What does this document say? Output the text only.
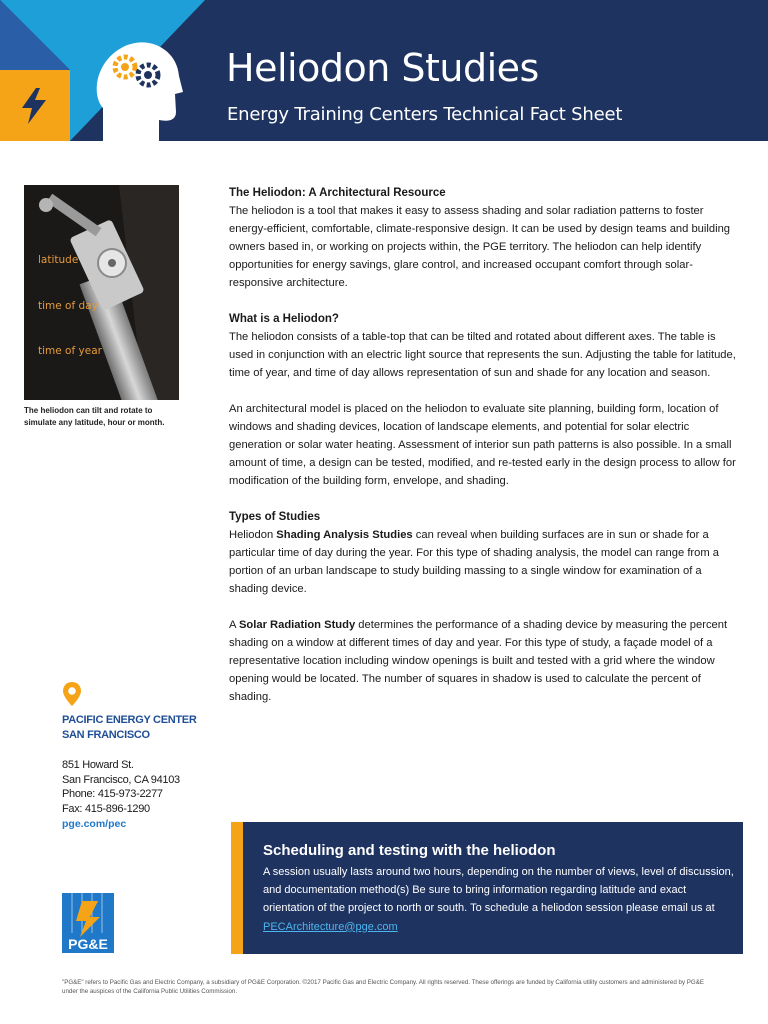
Heliodon Studies
Energy Training Centers Technical Fact Sheet
latitude
time of day
time of year
The heliodon can tilt and rotate to simulate any latitude, hour or month.
The Heliodon: A Architectural Resource

The heliodon is a tool that makes it easy to assess shading and solar radiation patterns to foster energy-efficient, comfortable, climate-responsive design. It can be used by design teams and building owners based in, or working on projects within, the PGE territory. The heliodon can help identify opportunities for energy savings, glare control, and increased occupant comfort through solar-responsive architecture.

What is a Heliodon?

The heliodon consists of a table-top that can be tilted and rotated about different axes. The table is used in conjunction with an electric light source that represents the sun. Adjusting the table for latitude, time of year, and time of day allows representation of sun and shade for any location and season.

An architectural model is placed on the heliodon to evaluate site planning, building form, location of windows and shading devices, location of landscape elements, and potential for solar electric generation or solar water heating. Assessment of interior sun path patterns is also possible. In a small amount of time, a design can be tested, modified, and re-tested early in the design process to allow for modification of the building form, envelope, and shading.

Types of Studies

Heliodon Shading Analysis Studies can reveal when building surfaces are in sun or shade for a particular time of day during the year. For this type of shading analysis, the model can range from a portion of an urban landscape to study building massing to a single window for examination of a shading device.

A Solar Radiation Study determines the performance of a shading device by measuring the percent shading on a window at different times of day and year. For this type of study, a façade model of a representative location including window openings is built and tested with a grid where the window opening would be located. The number of squares in shadow is used to calculate the percent of shading.

PACIFIC ENERGY CENTER
SAN FRANCISCO
851 Howard St.
San Francisco, CA 94103
Phone: 415-973-2277
Fax: 415-896-1290
pge.com/pec
PG&E
Scheduling and testing with the heliodon
A session usually lasts around two hours, depending on the number of views, level of discussion, and documentation method(s) Be sure to bring information regarding latitude and exact orientation of the project to north or south. To schedule a heliodon session please email us at PECArchitecture@pge.com
"PG&E" refers to Pacific Gas and Electric Company, a subsidiary of PG&E Corporation. ©2017 Pacific Gas and Electric Company. All rights reserved. These offerings are funded by California utility customers and administered by PG&E under the auspices of the California Public Utilities Commission.
